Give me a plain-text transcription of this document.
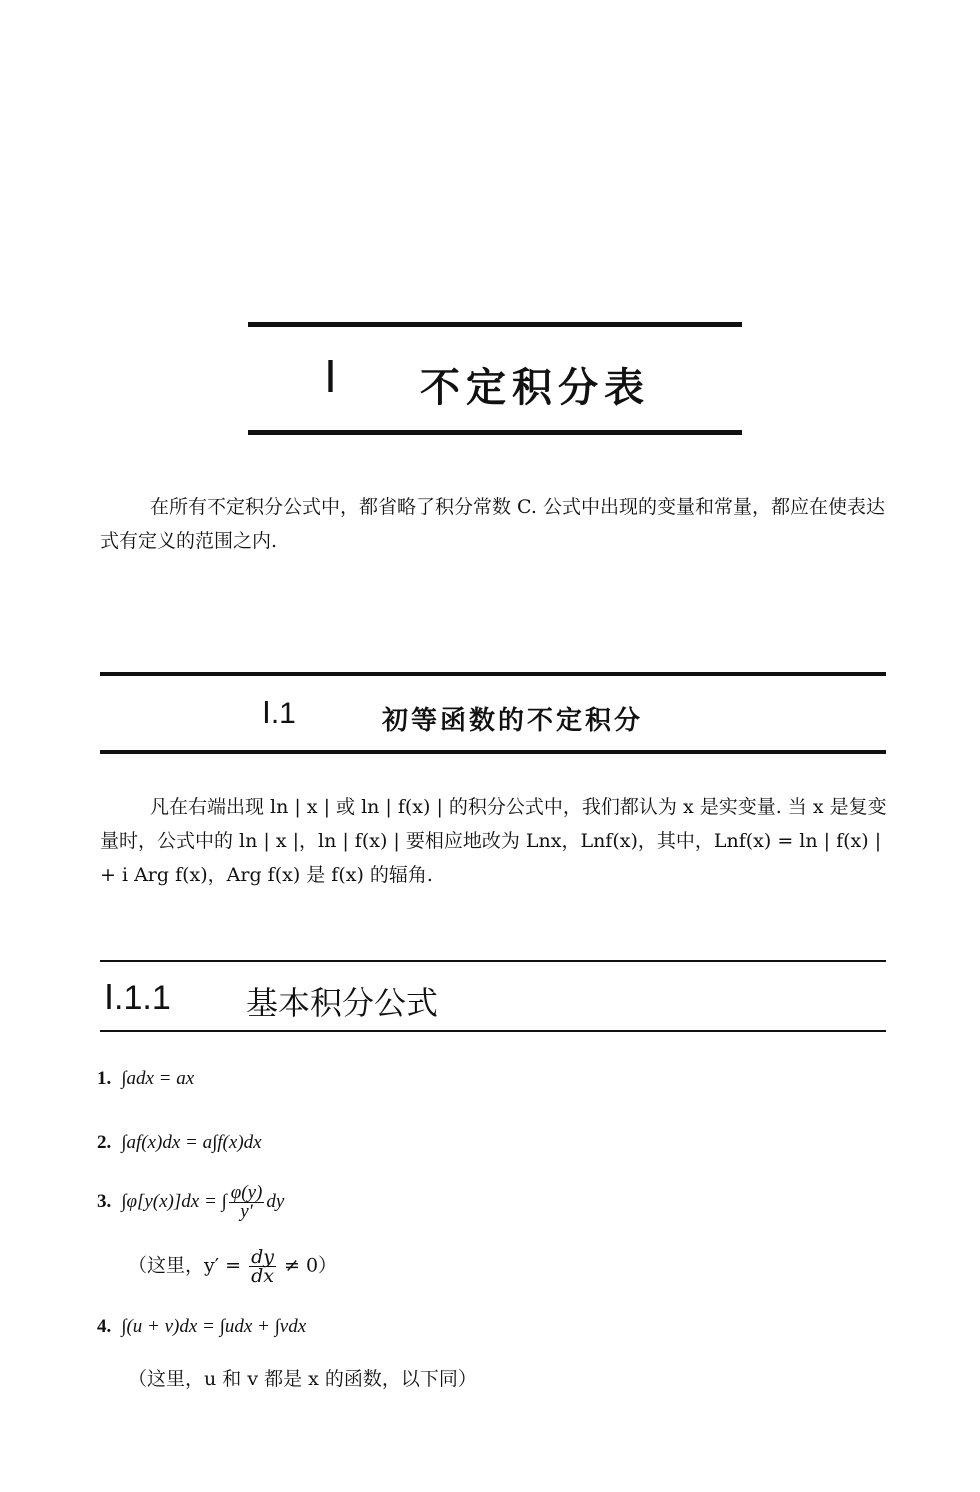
Ⅰ 不定积分表

在所有不定积分公式中，都省略了积分常数 C. 公式中出现的变量和常量，都应在使表达式有定义的范围之内.

Ⅰ.1	初等函数的不定积分

凡在右端出现 ln | x | 或 ln | f(x) | 的积分公式中，我们都认为 x 是实变量. 当 x 是复变量时，公式中的 ln | x |，ln | f(x) | 要相应地改为 Lnx，Lnf(x)，其中，Lnf(x) = ln | f(x) | + i Arg f(x)，Arg f(x) 是 f(x) 的辐角.

Ⅰ.1.1 基本积分公式
1. ∫adx = ax
2. ∫af(x)dx = a∫f(x)dx
3. ∫φ[y(x)]dx = ∫ $\frac{\varphi(y)}{y'}$ dy
（这里，$y' = \frac{dy}{dx} \ne 0$）
4. ∫(u + v)dx = ∫udx + ∫vdx
（这里，u 和 v 都是 x 的函数，以下同）
